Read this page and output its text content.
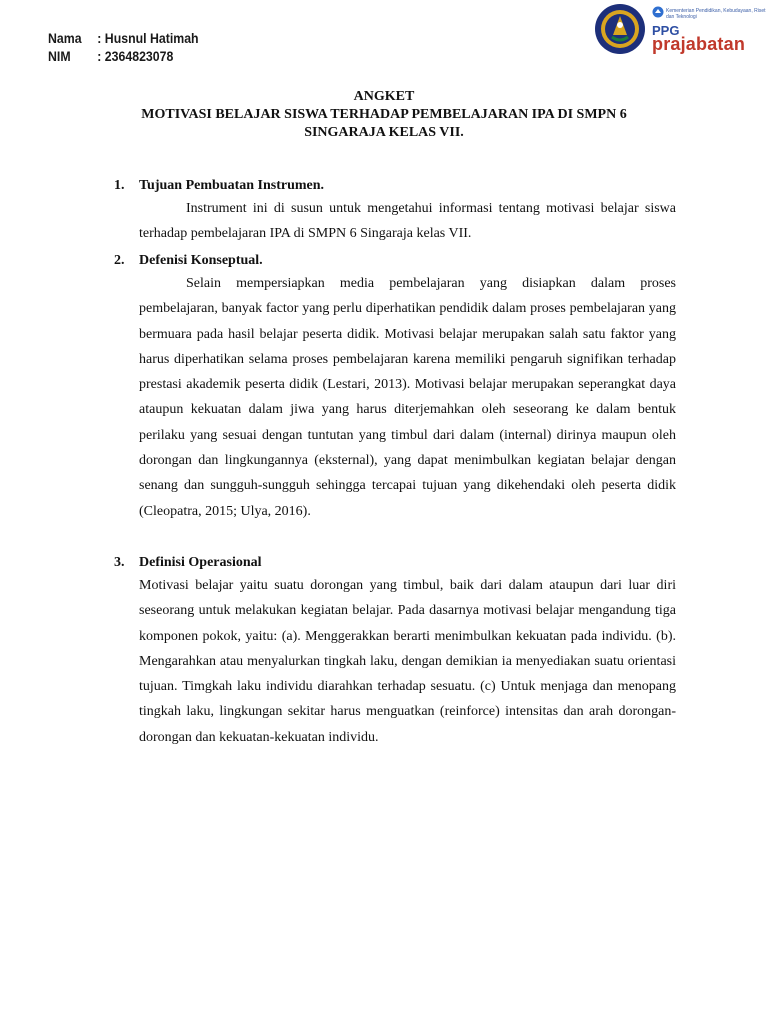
Nama	: Husnul Hatimah
NIM	: 2364823078
Kementerian Pendidikan, Kebudayaan, Riset dan Teknologi
PPG
prajabatan
ANGKET
MOTIVASI BELAJAR SISWA TERHADAP PEMBELAJARAN IPA DI SMPN 6
SINGARAJA KELAS VII.
1.	Tujuan Pembuatan Instrumen.

Instrument ini di susun untuk mengetahui informasi tentang motivasi belajar siswa terhadap pembelajaran IPA di SMPN 6 Singaraja kelas VII.

2.	Defenisi Konseptual.

Selain mempersiapkan media pembelajaran yang disiapkan dalam proses pembelajaran, banyak factor yang perlu diperhatikan pendidik dalam proses pembelajaran yang bermuara pada hasil belajar peserta didik. Motivasi belajar merupakan salah satu faktor yang harus diperhatikan selama proses pembelajaran karena memiliki pengaruh signifikan terhadap prestasi akademik peserta didik (Lestari, 2013). Motivasi belajar merupakan seperangkat daya ataupun kekuatan dalam jiwa yang harus diterjemahkan oleh seseorang ke dalam bentuk perilaku yang sesuai dengan tuntutan yang timbul dari dalam (internal) dirinya maupun oleh dorongan dan lingkungannya (eksternal), yang dapat menimbulkan kegiatan belajar dengan senang dan sungguh-sungguh sehingga tercapai tujuan yang dikehendaki oleh peserta didik (Cleopatra, 2015; Ulya, 2016).

3.	Definisi Operasional

Motivasi belajar yaitu suatu dorongan yang timbul, baik dari dalam ataupun dari luar diri seseorang untuk melakukan kegiatan belajar. Pada dasarnya motivasi belajar mengandung tiga komponen pokok, yaitu: (a). Menggerakkan berarti menimbulkan kekuatan pada individu. (b). Mengarahkan atau menyalurkan tingkah laku, dengan demikian ia menyediakan suatu orientasi tujuan. Timgkah laku individu diarahkan terhadap sesuatu. (c) Untuk menjaga dan menopang tingkah laku, lingkungan sekitar harus menguatkan (reinforce) intensitas dan arah dorongan-dorongan dan kekuatan-kekuatan individu.
